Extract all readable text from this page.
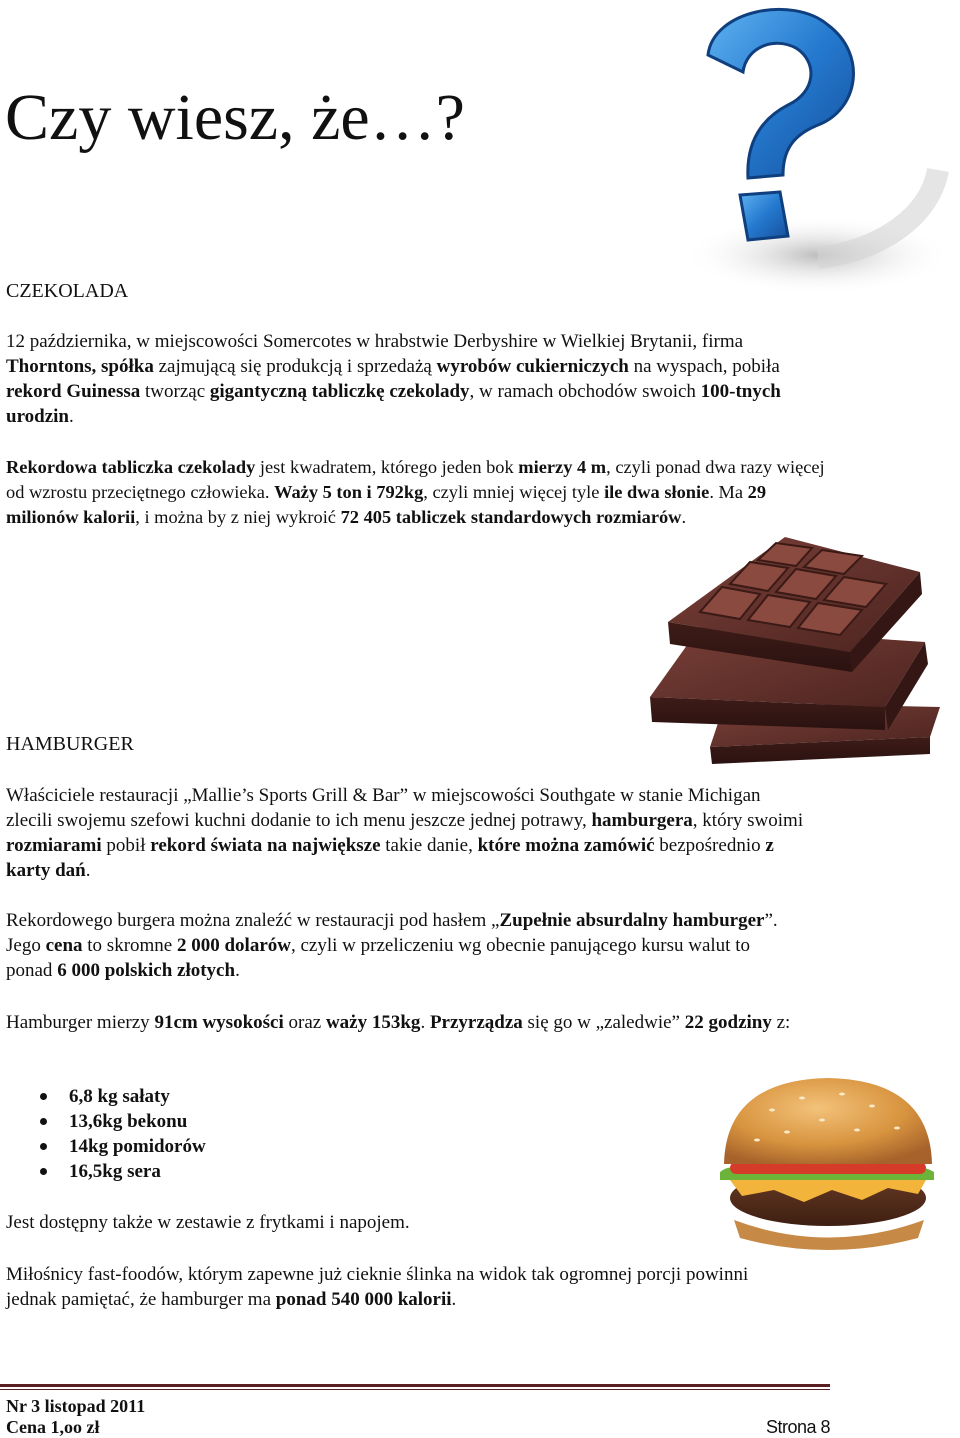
Czy wiesz, że…?
CZEKOLADA

12 października, w miejscowości Somercotes w hrabstwie Derbyshire w Wielkiej Brytanii, firma Thorntons, spółka zajmującą się produkcją i sprzedażą wyrobów cukierniczych na wyspach, pobiła rekord Guinessa tworząc gigantyczną tabliczkę czekolady, w ramach obchodów swoich 100-tnych urodzin.

Rekordowa tabliczka czekolady jest kwadratem, którego jeden bok mierzy 4 m, czyli ponad dwa razy więcej od wzrostu przeciętnego człowieka. Waży 5 ton i 792kg, czyli mniej więcej tyle ile dwa słonie. Ma 29 milionów kalorii, i można by z niej wykroić 72 405 tabliczek standardowych rozmiarów.

HAMBURGER

Właściciele restauracji „Mallie’s Sports Grill & Bar” w miejscowości Southgate w stanie Michigan zlecili swojemu szefowi kuchni dodanie to ich menu jeszcze jednej potrawy, hamburgera, który swoimi rozmiarami pobił rekord świata na największe takie danie, które można zamówić bezpośrednio z karty dań.

Rekordowego burgera można znaleźć w restauracji pod hasłem „Zupełnie absurdalny hamburger”. Jego cena to skromne 2 000 dolarów, czyli w przeliczeniu wg obecnie panującego kursu walut to ponad 6 000 polskich złotych.

Hamburger mierzy 91cm wysokości oraz waży 153kg. Przyrządza się go w „zaledwie” 22 godziny z:

6,8 kg sałaty
13,6kg bekonu
14kg pomidorów
16,5kg sera

Jest dostępny także w zestawie z frytkami i napojem.

Miłośnicy fast-foodów, którym zapewne już cieknie ślinka na widok tak ogromnej porcji powinni jednak pamiętać, że hamburger ma ponad 540 000 kalorii.

Nr 3 listopad 2011
Cena 1,oo zł	Strona 8
